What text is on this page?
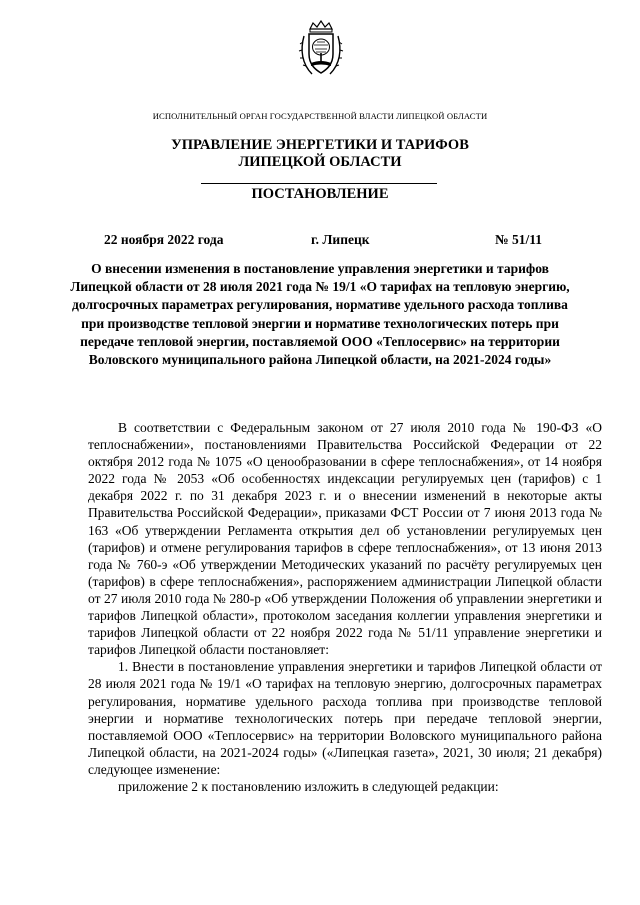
ИСПОЛНИТЕЛЬНЫЙ ОРГАН ГОСУДАРСТВЕННОЙ ВЛАСТИ ЛИПЕЦКОЙ ОБЛАСТИ
УПРАВЛЕНИЕ ЭНЕРГЕТИКИ И ТАРИФОВ
ЛИПЕЦКОЙ ОБЛАСТИ
ПОСТАНОВЛЕНИЕ
22 ноября 2022 года	г. Липецк	№ 51/11
О внесении изменения в постановление управления энергетики и тарифов Липецкой области от 28 июля 2021 года № 19/1 «О тарифах на тепловую энергию, долгосрочных параметрах регулирования, нормативе удельного расхода топлива при производстве тепловой энергии и нормативе технологических потерь при передаче тепловой энергии, поставляемой ООО «Теплосервис» на территории Воловского муниципального района Липецкой области, на 2021-2024 годы»

В соответствии с Федеральным законом от 27 июля 2010 года № 190-ФЗ «О теплоснабжении», постановлениями Правительства Российской Федерации от 22 октября 2012 года № 1075 «О ценообразовании в сфере теплоснабжения», от 14 ноября 2022 года № 2053 «Об особенностях индексации регулируемых цен (тарифов) с 1 декабря 2022 г. по 31 декабря 2023 г. и о внесении изменений в некоторые акты Правительства Российской Федерации», приказами ФСТ России от 7 июня 2013 года № 163 «Об утверждении Регламента открытия дел об установлении регулируемых цен (тарифов) и отмене регулирования тарифов в сфере теплоснабжения», от 13 июня 2013 года № 760-э «Об утверждении Методических указаний по расчёту регулируемых цен (тарифов) в сфере теплоснабжения», распоряжением администрации Липецкой области от 27 июля 2010 года № 280-р «Об утверждении Положения об управлении энергетики и тарифов Липецкой области», протоколом заседания коллегии управления энергетики и тарифов Липецкой области от 22 ноября 2022 года № 51/11 управление энергетики и тарифов Липецкой области постановляет:

1. Внести в постановление управления энергетики и тарифов Липецкой области от 28 июля 2021 года № 19/1 «О тарифах на тепловую энергию, долгосрочных параметрах регулирования, нормативе удельного расхода топлива при производстве тепловой энергии и нормативе технологических потерь при передаче тепловой энергии, поставляемой ООО «Теплосервис» на территории Воловского муниципального района Липецкой области, на 2021-2024 годы» («Липецкая газета», 2021, 30 июля; 21 декабря) следующее изменение:

приложение 2 к постановлению изложить в следующей редакции:
